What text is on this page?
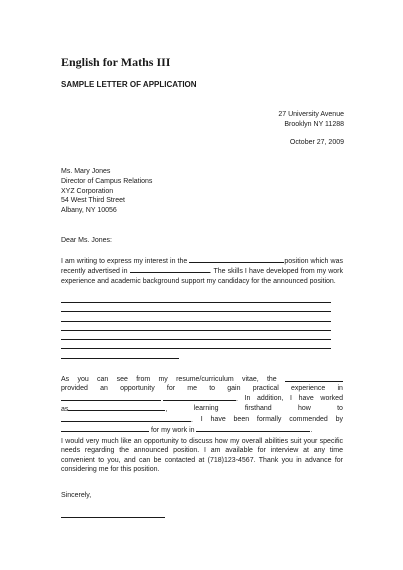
English for Maths III
SAMPLE LETTER OF APPLICATION
27 University Avenue
Brooklyn NY 11288
October 27, 2009
Ms. Mary Jones
Director of Campus Relations
XYZ Corporation
54 West Third Street
Albany, NY 10056
Dear Ms. Jones:
I am writing to express my interest in the	position which was recently advertised in	. The skills I have developed from my work experience and academic background support my candidacy for the announced position.
As you can see from my resume/curriculum vitae, the
provided an opportunity for me to gain practical experience in
. In addition, I have worked
as	,	learning	firsthand	how	to
. I have been formally commended by
for my work in	.
I would very much like an opportunity to discuss how my overall abilities suit your specific needs regarding the announced position. I am available for interview at any time convenient to you, and can be contacted at (718)123-4567. Thank you in advance for considering me for this position.
Sincerely,
